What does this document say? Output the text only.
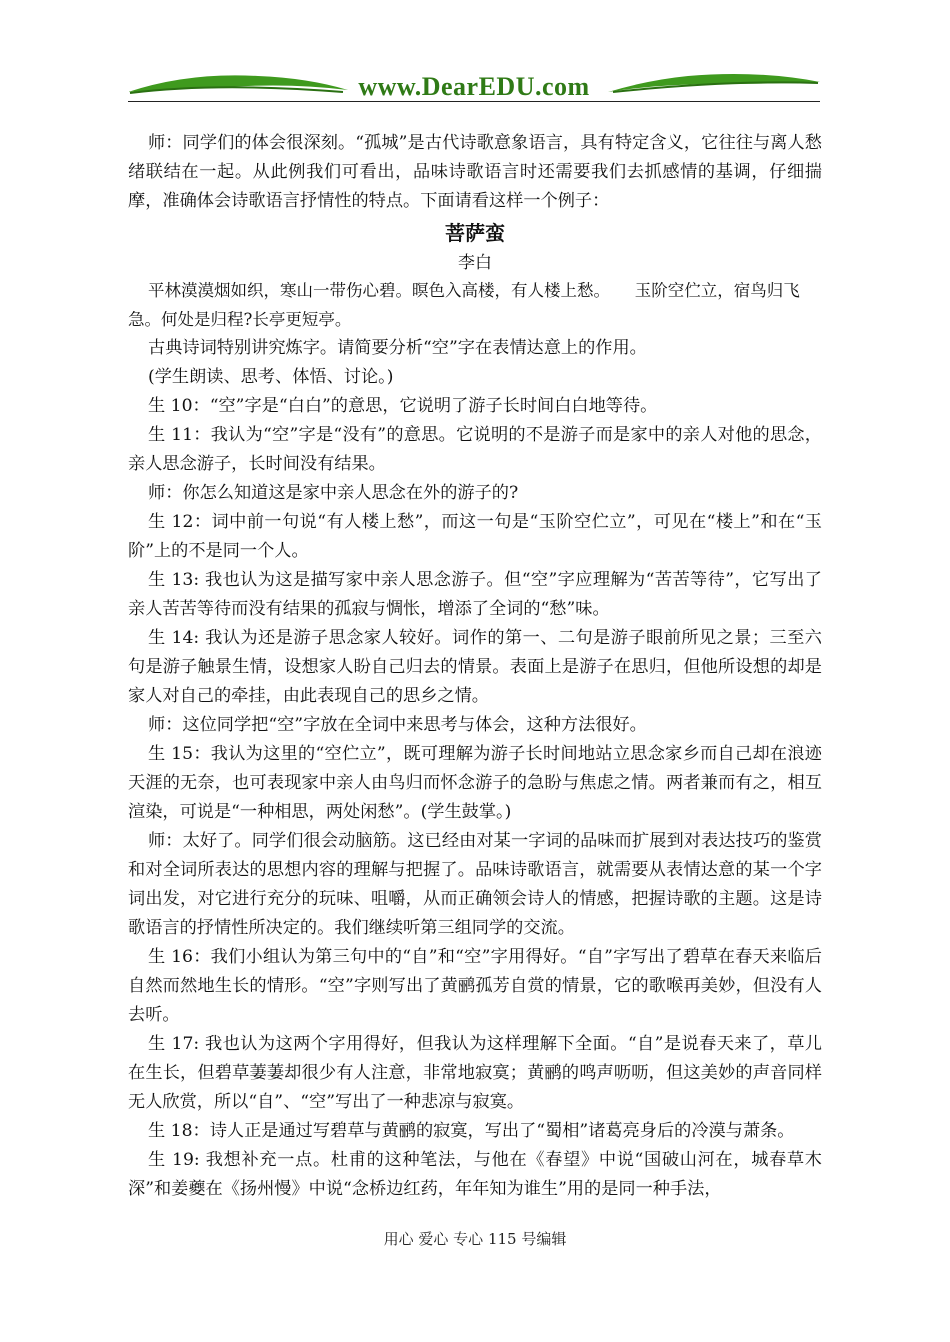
www.DearEDU.com

师：同学们的体会很深刻。“孤城”是古代诗歌意象语言，具有特定含义，它往往与离人愁绪联结在一起。从此例我们可看出，品味诗歌语言时还需要我们去抓感情的基调，仔细揣摩，准确体会诗歌语言抒情性的特点。下面请看这样一个例子：

菩萨蛮

李白

平林漠漠烟如织，寒山一带伤心碧。暝色入高楼，有人楼上愁。　　玉阶空伫立，宿鸟归飞急。何处是归程?长亭更短亭。

古典诗词特别讲究炼字。请简要分析“空”字在表情达意上的作用。

(学生朗读、思考、体悟、讨论。)

生 10：“空”字是“白白”的意思，它说明了游子长时间白白地等待。

生 11：我认为“空”字是“没有”的意思。它说明的不是游子而是家中的亲人对他的思念，亲人思念游子，长时间没有结果。

师：你怎么知道这是家中亲人思念在外的游子的?

生 12：词中前一句说“有人楼上愁”，而这一句是“玉阶空伫立”，可见在“楼上”和在“玉阶”上的不是同一个人。

生 13: 我也认为这是描写家中亲人思念游子。但“空”字应理解为“苦苦等待”，它写出了亲人苦苦等待而没有结果的孤寂与惆怅，增添了全词的“愁”味。

生 14: 我认为还是游子思念家人较好。词作的第一、二句是游子眼前所见之景；三至六句是游子触景生情，设想家人盼自己归去的情景。表面上是游子在思归，但他所设想的却是家人对自己的牵挂，由此表现自己的思乡之情。

师：这位同学把“空”字放在全词中来思考与体会，这种方法很好。

生 15：我认为这里的“空伫立”，既可理解为游子长时间地站立思念家乡而自己却在浪迹天涯的无奈，也可表现家中亲人由鸟归而怀念游子的急盼与焦虑之情。两者兼而有之，相互渲染，可说是“一种相思，两处闲愁”。(学生鼓掌。)

师：太好了。同学们很会动脑筋。这已经由对某一字词的品味而扩展到对表达技巧的鉴赏和对全词所表达的思想内容的理解与把握了。品味诗歌语言，就需要从表情达意的某一个字词出发，对它进行充分的玩味、咀嚼，从而正确领会诗人的情感，把握诗歌的主题。这是诗歌语言的抒情性所决定的。我们继续听第三组同学的交流。

生 16：我们小组认为第三句中的“自”和“空”字用得好。“自”字写出了碧草在春天来临后自然而然地生长的情形。“空”字则写出了黄鹂孤芳自赏的情景，它的歌喉再美妙，但没有人去听。

生 17: 我也认为这两个字用得好，但我认为这样理解下全面。“自”是说春天来了，草儿在生长，但碧草萋萋却很少有人注意，非常地寂寞；黄鹂的鸣声呖呖，但这美妙的声音同样无人欣赏，所以“自”、“空”写出了一种悲凉与寂寞。

生 18：诗人正是通过写碧草与黄鹂的寂寞，写出了“蜀相”诸葛亮身后的冷漠与萧条。

生 19: 我想补充一点。杜甫的这种笔法，与他在《春望》中说“国破山河在，城春草木深”和姜夔在《扬州慢》中说“念桥边红药，年年知为谁生”用的是同一种手法，

用心 爱心 专心 115 号编辑
